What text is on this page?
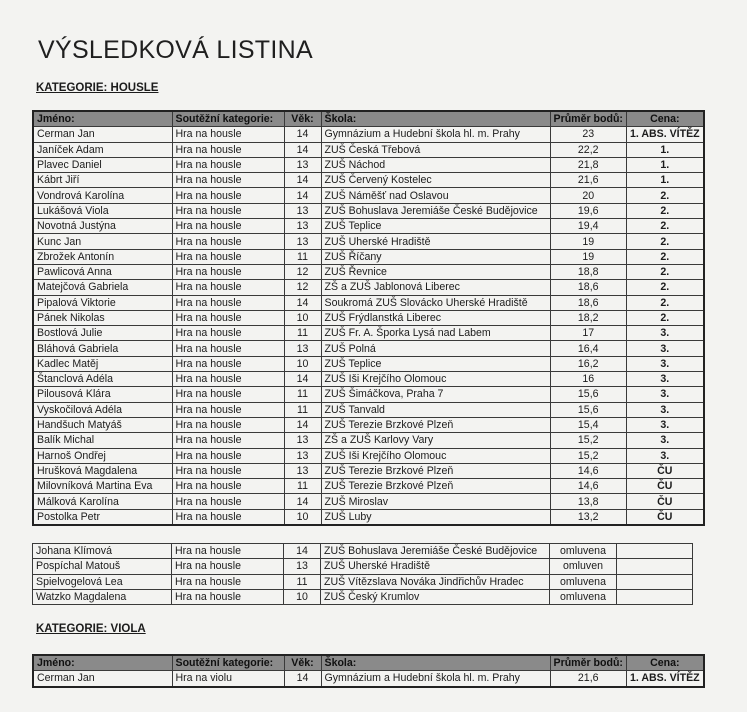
VÝSLEDKOVÁ LISTINA
KATEGORIE: HOUSLE
Jméno:	Soutěžní kategorie:	Věk:	Škola:	Průměr bodů:	Cena:
Cerman Jan	Hra na housle	14	Gymnázium a Hudební škola hl. m. Prahy	23	1. ABS. VÍTĚZ
Janíček Adam	Hra na housle	14	ZUŠ Česká Třebová	22,2	1.
Plavec Daniel	Hra na housle	13	ZUŠ Náchod	21,8	1.
Kábrt Jiří	Hra na housle	14	ZUŠ Červený Kostelec	21,6	1.
Vondrová Karolína	Hra na housle	14	ZUŠ Náměšť nad Oslavou	20	2.
Lukášová Viola	Hra na housle	13	ZUŠ Bohuslava Jeremiáše České Budějovice	19,6	2.
Novotná Justýna	Hra na housle	13	ZUŠ Teplice	19,4	2.
Kunc Jan	Hra na housle	13	ZUŠ Uherské Hradiště	19	2.
Zbrožek Antonín	Hra na housle	11	ZUŠ Říčany	19	2.
Pawlicová Anna	Hra na housle	12	ZUŠ Řevnice	18,8	2.
Matejčová Gabriela	Hra na housle	12	ZŠ a ZUŠ Jablonová Liberec	18,6	2.
Pipalová Viktorie	Hra na housle	14	Soukromá ZUŠ Slovácko Uherské Hradiště	18,6	2.
Pánek Nikolas	Hra na housle	10	ZUŠ Frýdlanstká Liberec	18,2	2.
Bostlová Julie	Hra na housle	11	ZUŠ Fr. A. Šporka Lysá nad Labem	17	3.
Bláhová Gabriela	Hra na housle	13	ZUŠ Polná	16,4	3.
Kadlec Matěj	Hra na housle	10	ZUŠ Teplice	16,2	3.
Štanclová Adéla	Hra na housle	14	ZUŠ Iši Krejčího Olomouc	16	3.
Pilousová Klára	Hra na housle	11	ZUŠ Šimáčkova, Praha 7	15,6	3.
Vyskočilová Adéla	Hra na housle	11	ZUŠ Tanvald	15,6	3.
Handšuch Matyáš	Hra na housle	14	ZUŠ Terezie Brzkové Plzeň	15,4	3.
Balík Michal	Hra na housle	13	ZŠ a ZUŠ Karlovy Vary	15,2	3.
Harnoš Ondřej	Hra na housle	13	ZUŠ Iši Krejčího Olomouc	15,2	3.
Hrušková Magdalena	Hra na housle	13	ZUŠ Terezie Brzkové Plzeň	14,6	ČU
Milovníková Martina Eva	Hra na housle	11	ZUŠ Terezie Brzkové Plzeň	14,6	ČU
Málková Karolína	Hra na housle	14	ZUŠ Miroslav	13,8	ČU
Postolka Petr	Hra na housle	10	ZUŠ Luby	13,2	ČU
Johana Klímová	Hra na housle	14	ZUŠ Bohuslava Jeremiáše České Budějovice	omluvena	
Pospíchal Matouš	Hra na housle	13	ZUŠ Uherské Hradiště	omluven	
Spielvogelová Lea	Hra na housle	11	ZUŠ Vítězslava Nováka Jindřichův Hradec	omluvena	
Watzko Magdalena	Hra na housle	10	ZUŠ Český Krumlov	omluvena	
KATEGORIE: VIOLA
Jméno:	Soutěžní kategorie:	Věk:	Škola:	Průměr bodů:	Cena:
Cerman Jan	Hra na violu	14	Gymnázium a Hudební škola hl. m. Prahy	21,6	1. ABS. VÍTĚZ
